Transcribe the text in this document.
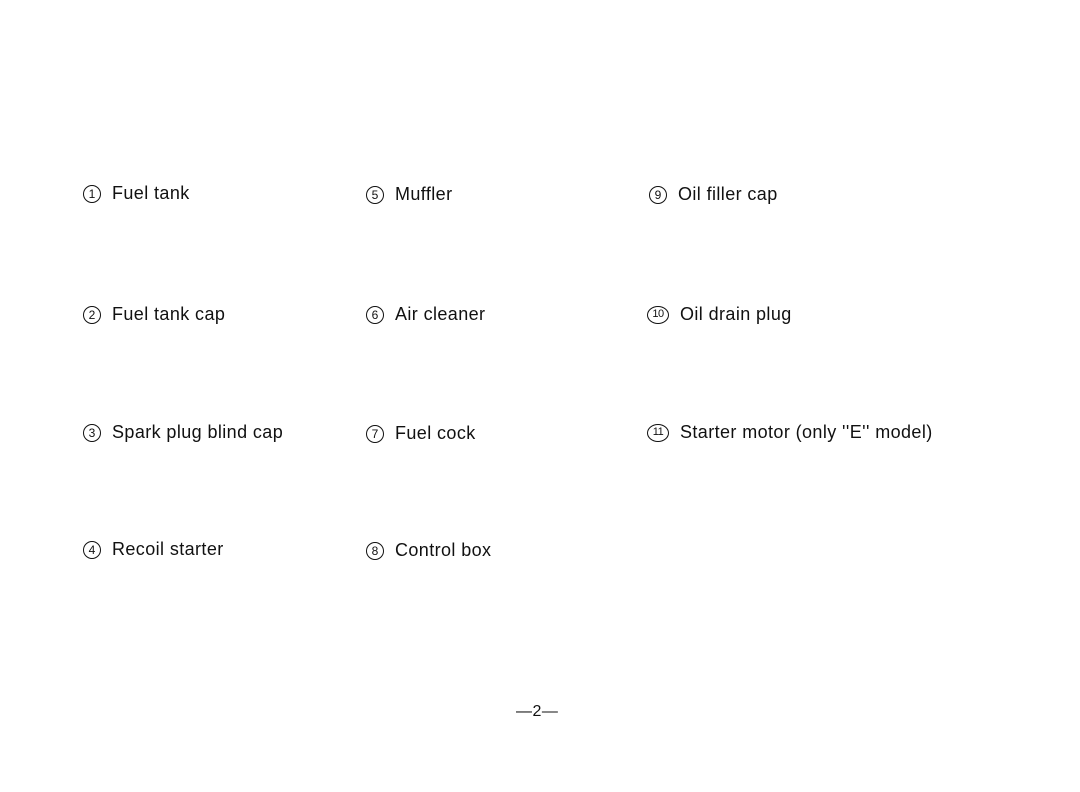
1 Fuel tank
2 Fuel tank cap
3 Spark plug blind cap
4 Recoil starter
5 Muffler
6 Air cleaner
7 Fuel cock
8 Control box
9 Oil filler cap
10 Oil drain plug
11 Starter motor (only ''E'' model)
—2—
